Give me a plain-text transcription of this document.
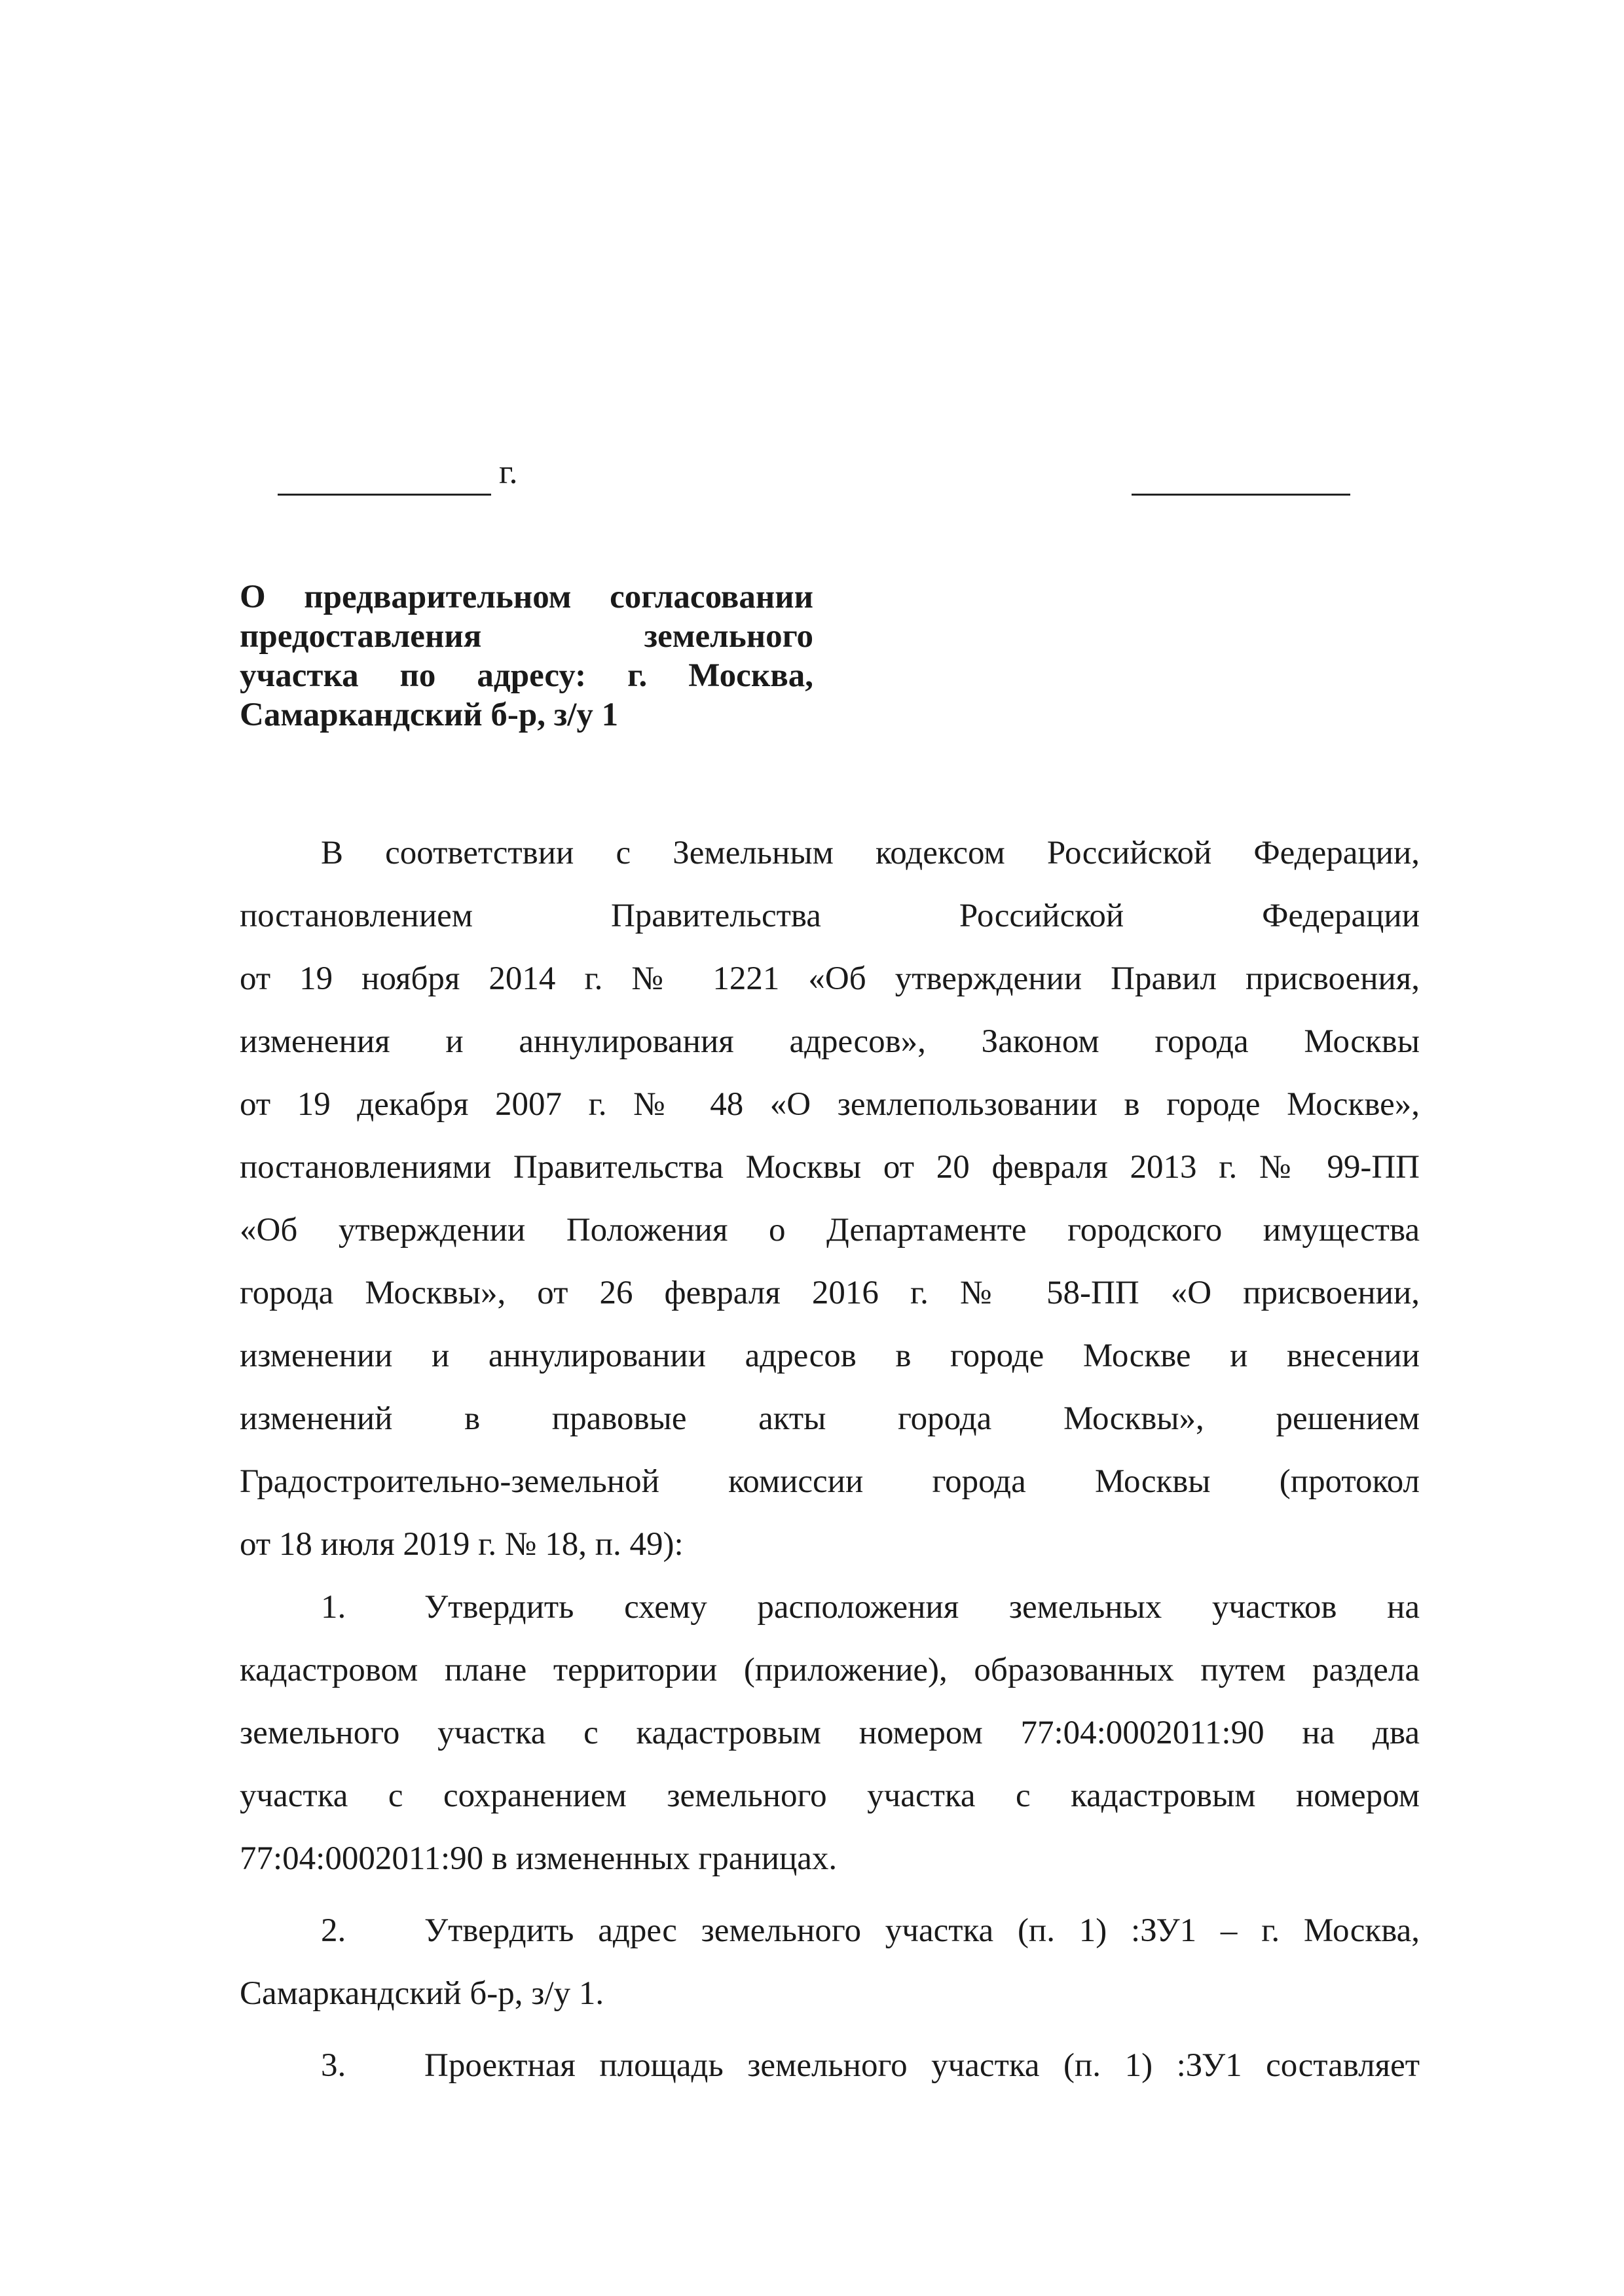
г.
О предварительном согласовании
предоставления земельного
участка по адресу: г. Москва,
Самаркандский б-р, з/у 1
В соответствии с Земельным кодексом Российской Федерации,
постановлением Правительства Российской Федерации
от 19 ноября 2014 г. № 1221 «Об утверждении Правил присвоения,
изменения и аннулирования адресов», Законом города Москвы
от 19 декабря 2007 г. № 48 «О землепользовании в городе Москве»,
постановлениями Правительства Москвы от 20 февраля 2013 г. № 99-ПП
«Об утверждении Положения о Департаменте городского имущества
города Москвы», от 26 февраля 2016 г. № 58-ПП «О присвоении,
изменении и аннулировании адресов в городе Москве и внесении
изменений в правовые акты города Москвы», решением
Градостроительно-земельной комиссии города Москвы (протокол
от 18 июля 2019 г. № 18, п. 49):
1. Утвердить схему расположения земельных участков на
кадастровом плане территории (приложение), образованных путем раздела
земельного участка с кадастровым номером 77:04:0002011:90 на два
участка с сохранением земельного участка с кадастровым номером
77:04:0002011:90 в измененных границах.
2. Утвердить адрес земельного участка (п. 1) :ЗУ1 – г. Москва,
Самаркандский б-р, з/у 1.
3. Проектная площадь земельного участка (п. 1) :ЗУ1 составляет
